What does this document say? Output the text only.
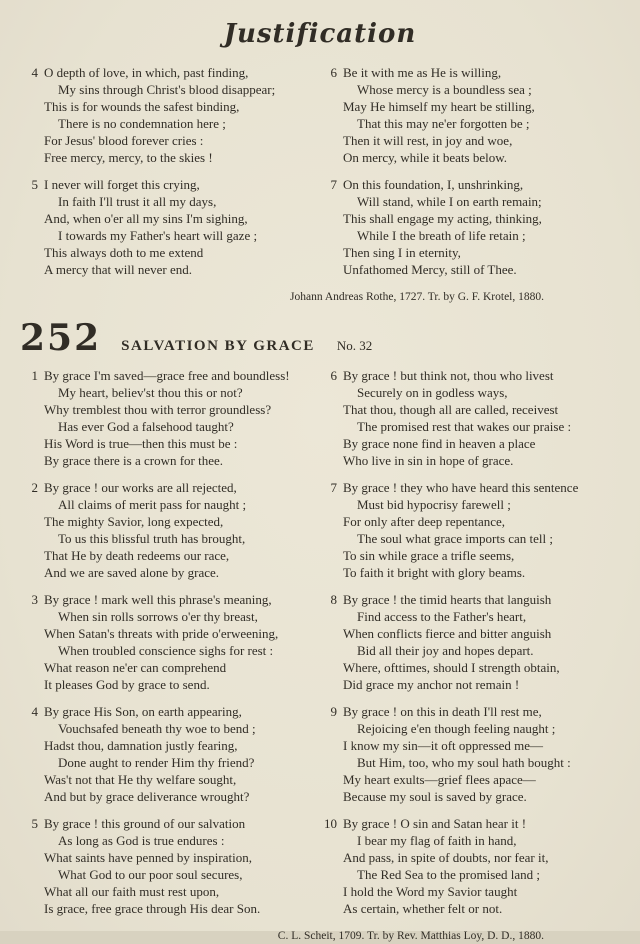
Justification
4 O depth of love, in which, past finding,
My sins through Christ's blood disappear;
This is for wounds the safest binding,
There is no condemnation here ;
For Jesus' blood forever cries :
Free mercy, mercy, to the skies !
5 I never will forget this crying,
In faith I'll trust it all my days,
And, when o'er all my sins I'm sighing,
I towards my Father's heart will gaze ;
This always doth to me extend
A mercy that will never end.
6 Be it with me as He is willing,
Whose mercy is a boundless sea ;
May He himself my heart be stilling,
That this may ne'er forgotten be ;
Then it will rest, in joy and woe,
On mercy, while it beats below.
7 On this foundation, I, unshrinking,
Will stand, while I on earth remain;
This shall engage my acting, thinking,
While I the breath of life retain ;
Then sing I in eternity,
Unfathomed Mercy, still of Thee.
Johann Andreas Rothe, 1727. Tr. by G. F. Krotel, 1880.
252 SALVATION BY GRACE No. 32
1 By grace I'm saved—grace free and boundless!
My heart, believ'st thou this or not?
Why tremblest thou with terror groundless?
Has ever God a falsehood taught?
His Word is true—then this must be :
By grace there is a crown for thee.
2 By grace ! our works are all rejected,
All claims of merit pass for naught ;
The mighty Savior, long expected,
To us this blissful truth has brought,
That He by death redeems our race,
And we are saved alone by grace.
3 By grace ! mark well this phrase's meaning,
When sin rolls sorrows o'er thy breast,
When Satan's threats with pride o'erweening,
When troubled conscience sighs for rest :
What reason ne'er can comprehend
It pleases God by grace to send.
4 By grace His Son, on earth appearing,
Vouchsafed beneath thy woe to bend ;
Hadst thou, damnation justly fearing,
Done aught to render Him thy friend?
Was't not that He thy welfare sought,
And but by grace deliverance wrought?
5 By grace ! this ground of our salvation
As long as God is true endures :
What saints have penned by inspiration,
What God to our poor soul secures,
What all our faith must rest upon,
Is grace, free grace through His dear Son.
6 By grace ! but think not, thou who livest
Securely on in godless ways,
That thou, though all are called, receivest
The promised rest that wakes our praise :
By grace none find in heaven a place
Who live in sin in hope of grace.
7 By grace ! they who have heard this sentence
Must bid hypocrisy farewell ;
For only after deep repentance,
The soul what grace imports can tell ;
To sin while grace a trifle seems,
To faith it bright with glory beams.
8 By grace ! the timid hearts that languish
Find access to the Father's heart,
When conflicts fierce and bitter anguish
Bid all their joy and hopes depart.
Where, ofttimes, should I strength obtain,
Did grace my anchor not remain !
9 By grace ! on this in death I'll rest me,
Rejoicing e'en though feeling naught ;
I know my sin—it oft oppressed me—
But Him, too, who my soul hath bought :
My heart exults—grief flees apace—
Because my soul is saved by grace.
10 By grace ! O sin and Satan hear it !
I bear my flag of faith in hand,
And pass, in spite of doubts, nor fear it,
The Red Sea to the promised land ;
I hold the Word my Savior taught
As certain, whether felt or not.
C. L. Scheit, 1709. Tr. by Rev. Matthias Loy, D. D., 1880.
